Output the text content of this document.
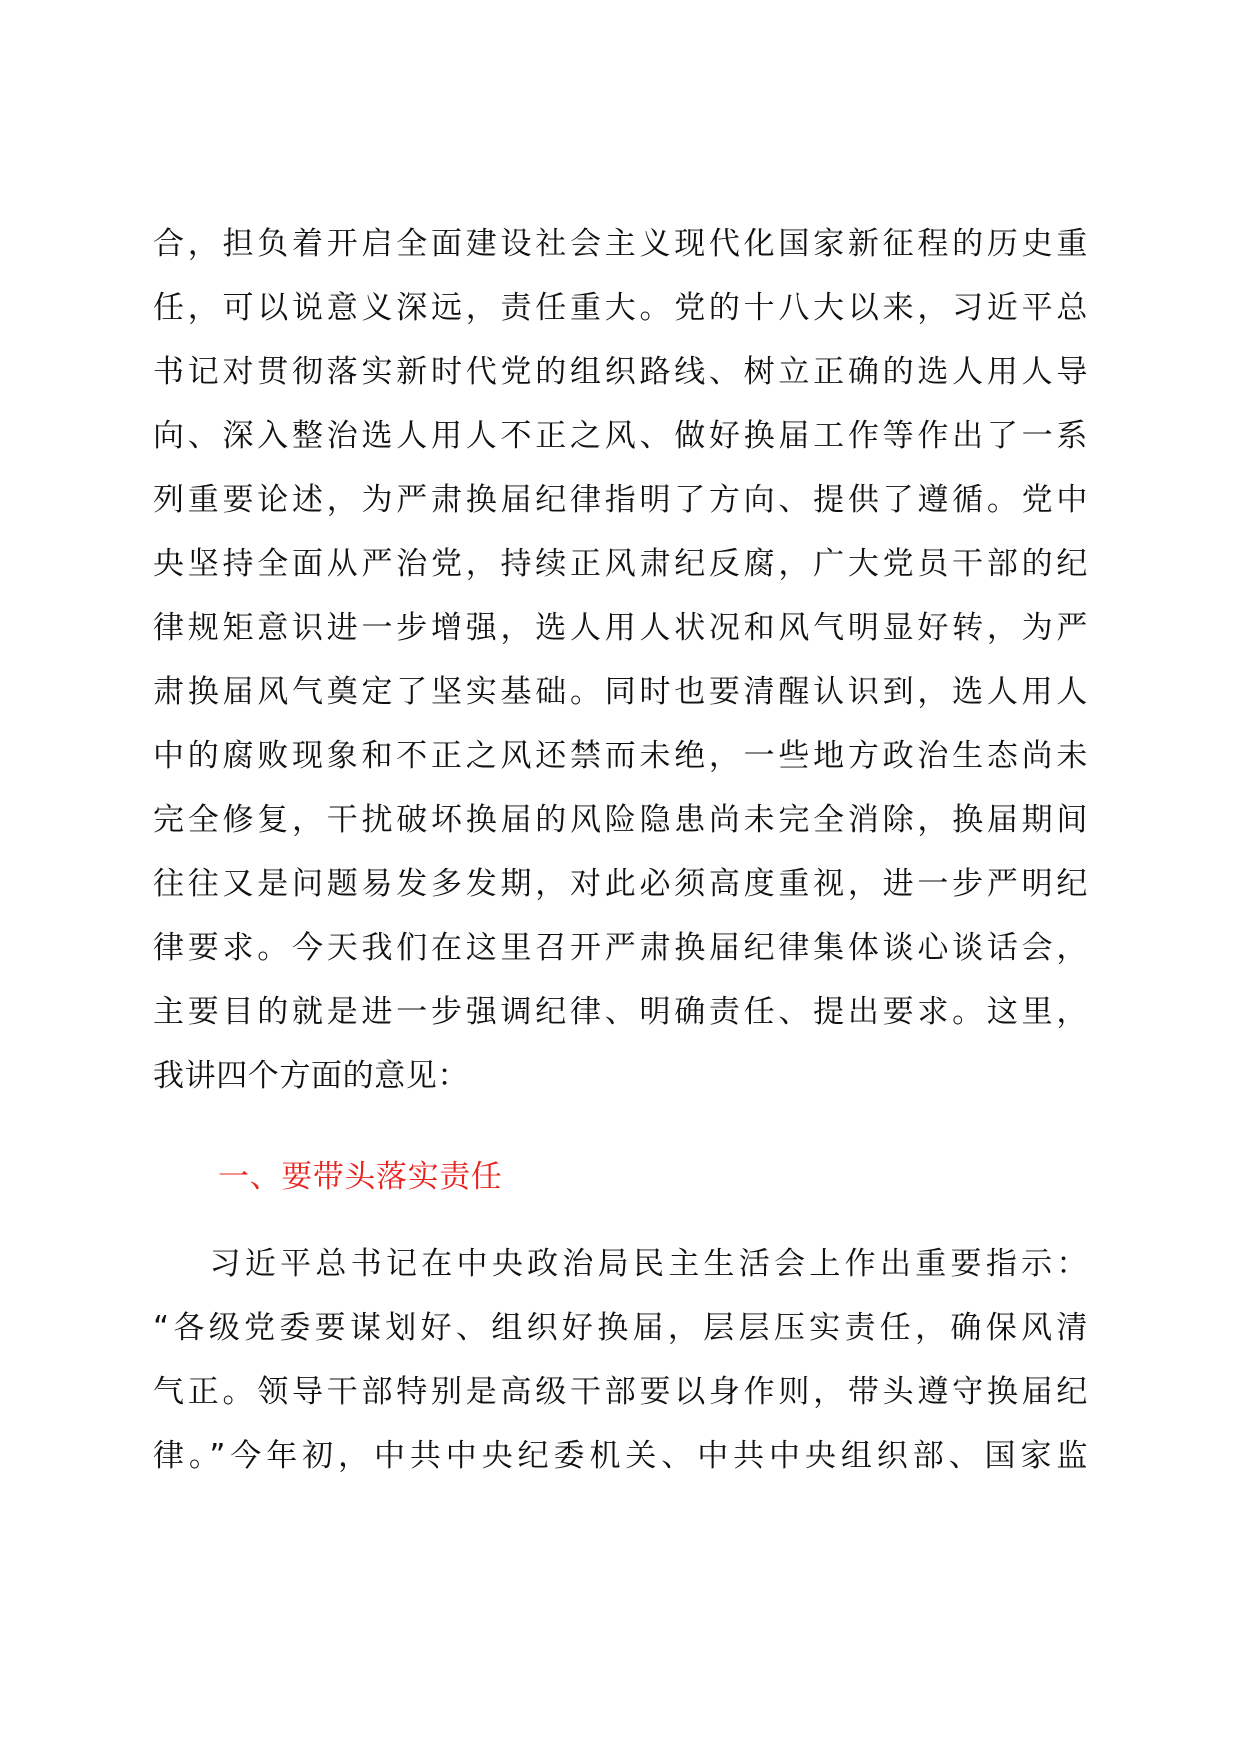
合，担负着开启全面建设社会主义现代化国家新征程的历史重
任，可以说意义深远，责任重大。党的十八大以来，习近平总
书记对贯彻落实新时代党的组织路线、树立正确的选人用人导
向、深入整治选人用人不正之风、做好换届工作等作出了一系
列重要论述，为严肃换届纪律指明了方向、提供了遵循。党中
央坚持全面从严治党，持续正风肃纪反腐，广大党员干部的纪
律规矩意识进一步增强，选人用人状况和风气明显好转，为严
肃换届风气奠定了坚实基础。同时也要清醒认识到，选人用人
中的腐败现象和不正之风还禁而未绝，一些地方政治生态尚未
完全修复，干扰破坏换届的风险隐患尚未完全消除，换届期间
往往又是问题易发多发期，对此必须高度重视，进一步严明纪
律要求。今天我们在这里召开严肃换届纪律集体谈心谈话会，
主要目的就是进一步强调纪律、明确责任、提出要求。这里，
我讲四个方面的意见：
一、要带头落实责任
习近平总书记在中央政治局民主生活会上作出重要指示：
“各级党委要谋划好、组织好换届，层层压实责任，确保风清
气正。领导干部特别是高级干部要以身作则，带头遵守换届纪
律。”今年初，中共中央纪委机关、中共中央组织部、国家监
